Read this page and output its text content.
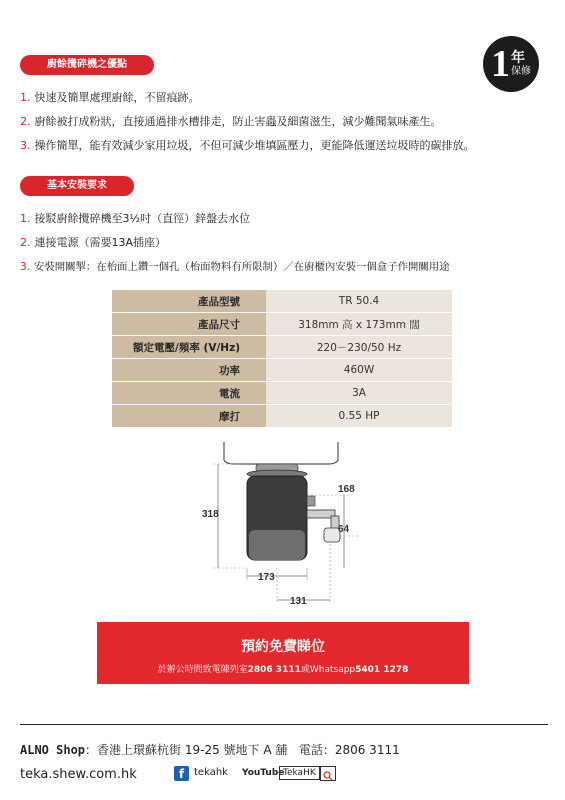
廚餘攪碎機之優點	1 年
保修
1. 快速及簡單處理廚餘，不留痕跡。
2. 廚餘被打成粉狀，直接通過排水槽排走，防止害蟲及細菌滋生，減少難聞氣味產生。
3. 操作簡單，能有效減少家用垃圾，不但可減少堆填區壓力，更能降低運送垃圾時的碳排放。
基本安裝要求
1. 接駁廚餘攪碎機至3½吋（直徑）鋅盤去水位
2. 連接電源（需要13A插座）
3. 安裝開關掣：在枱面上鑽一個孔（枱面物料有所限制）／在廚櫃內安裝一個盒子作開關用途
產品型號	TR 50.4
產品尺寸	318mm 高 x 173mm 闊
額定電壓/頻率 (V/Hz)	220－230/50 Hz
功率	460W
電流	3A
摩打	0.55 HP
318
168
64
173
131
預約免費睇位
於辦公時間致電陳列室2806 3111或Whatsapp5401 1278
ALNO Shop：香港上環蘇杭街 19-25 號地下 A 舖 電話：2806 3111
teka.shew.com.hk	f tekahk YouTube
TekaHK
